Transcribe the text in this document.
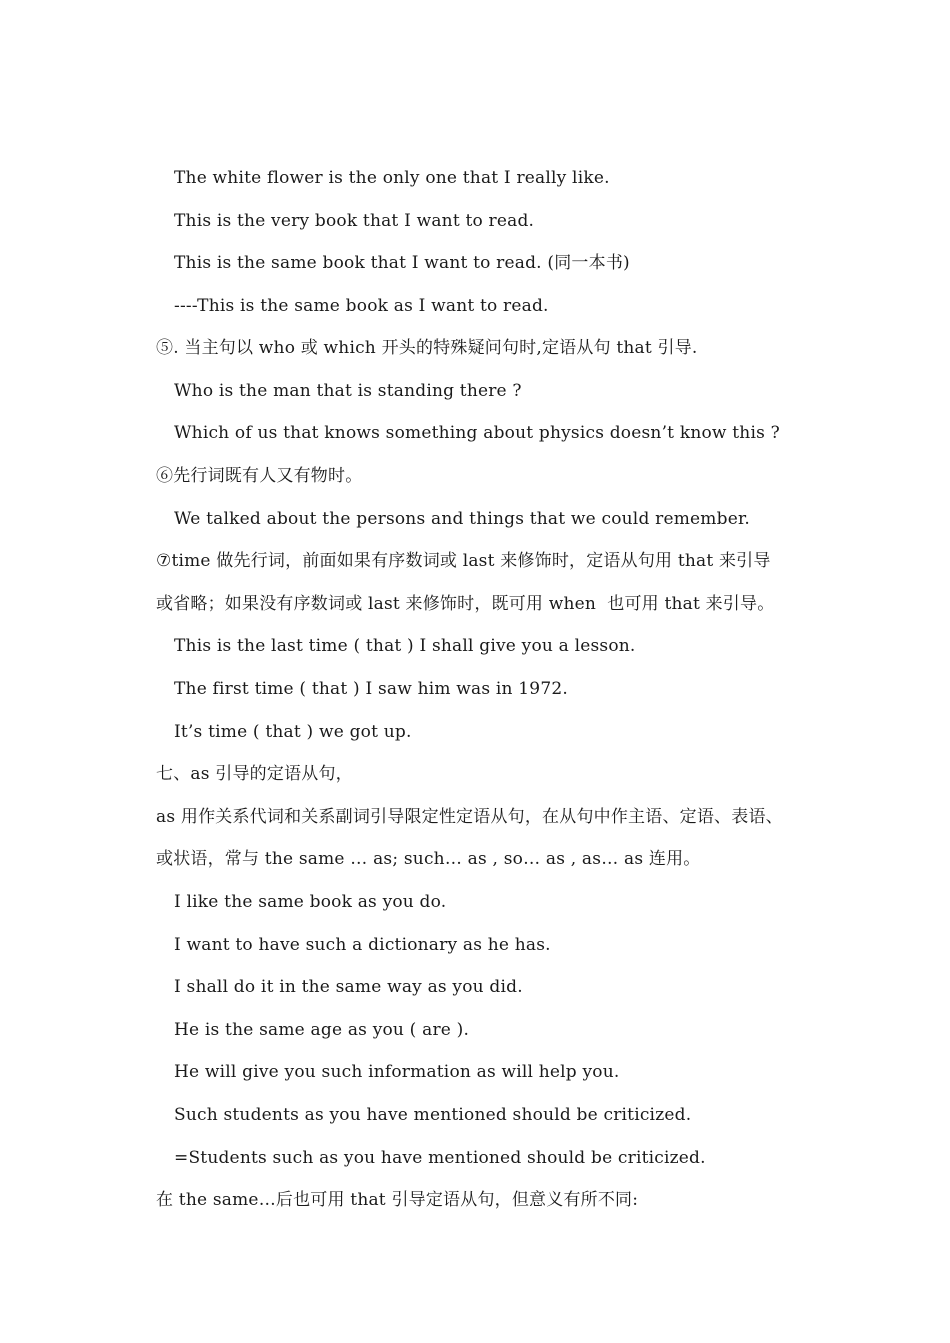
The white flower is the only one that I really like.
This is the very book that I want to read.
This is the same book that I want to read. (同一本书)
----This is the same book as I want to read.
⑤. 当主句以 who 或 which 开头的特殊疑问句时,定语从句 that 引导.
Who is the man that is standing there ?
Which of us that knows something about physics doesn’t know this ?
⑥先行词既有人又有物时。
We talked about the persons and things that we could remember.
⑦time 做先行词，前面如果有序数词或 last 来修饰时，定语从句用 that 来引导
或省略；如果没有序数词或 last 来修饰时，既可用 when  也可用 that 来引导。
This is the last time ( that ) I shall give you a lesson.
The first time ( that ) I saw him was in 1972.
It’s time ( that ) we got up.
七、as 引导的定语从句，
as 用作关系代词和关系副词引导限定性定语从句，在从句中作主语、定语、表语、
或状语，常与 the same … as; such… as , so… as , as… as 连用。
I like the same book as you do.
I want to have such a dictionary as he has.
I shall do it in the same way as you did.
He is the same age as you ( are ).
He will give you such information as will help you.
Such students as you have mentioned should be criticized.
=Students such as you have mentioned should be criticized.
在 the same…后也可用 that 引导定语从句，但意义有所不同:
